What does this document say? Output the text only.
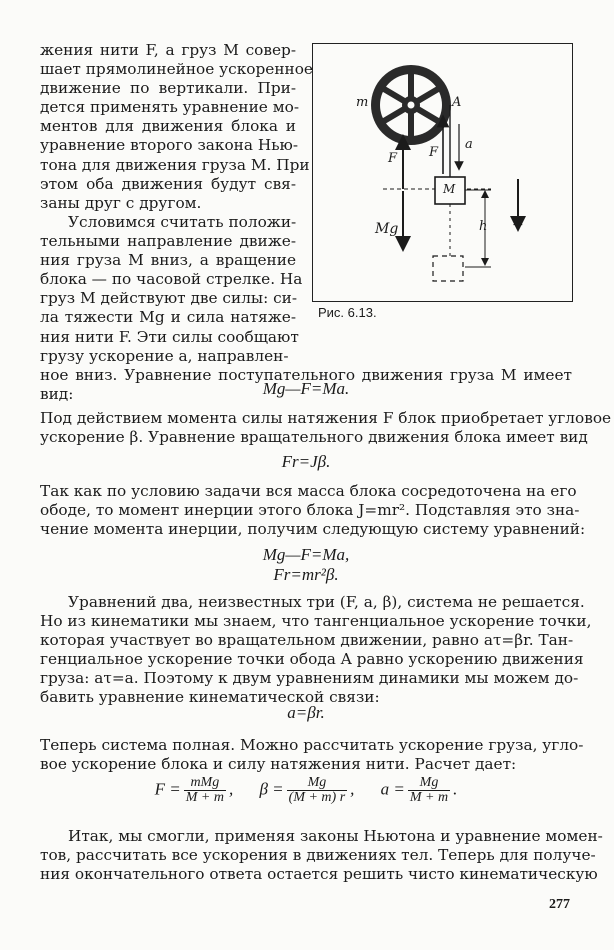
жения нити F, а груз M совер-
шает прямолинейное ускоренное
движение по вертикали. При-
дется применять уравнение мо-
ментов для движения блока и
уравнение второго закона Нью-
тона для движения груза M. При
этом оба движения будут свя-
заны друг с другом.
Условимся считать положи-
тельными направление движе-
ния груза M вниз, а вращение
блока — по часовой стрелке. На
груз M действуют две силы: си-
ла тяжести Mg и сила натяже-
ния нити F. Эти силы сообщают
грузу ускорение a, направлен-
ное вниз. Уравнение поступательного движения груза M имеет
вид:	Mg—F=Ma.
Под действием момента силы натяжения F блок приобретает угловое
ускорение β. Уравнение вращательного движения блока имеет вид
Fr=Jβ.
Так как по условию задачи вся масса блока сосредоточена на его
ободе, то момент инерции этого блока J=mr². Подставляя это зна-
чение момента инерции, получим следующую систему уравнений:
Mg—F=Ma,
Fr=mr²β.
Уравнений два, неизвестных три (F, a, β), система не решается.
Но из кинематики мы знаем, что тангенциальное ускорение точки,
которая участвует во вращательном движении, равно aτ=βr. Тан-
генциальное ускорение точки обода A равно ускорению движения
груза: aτ=a. Поэтому к двум уравнениям динамики мы можем до-
бавить уравнение кинематической связи:
a=βr.
Теперь система полная. Можно рассчитать ускорение груза, угло-
вое ускорение блока и силу натяжения нити. Расчет дает:
$F = \frac{\text{mMg}}{M + m}$ , $\beta = \frac{Mg}{(M + m) r}$ , $a = \frac{Mg}{M + m}$ .
Итак, мы смогли, применяя законы Ньютона и уравнение момен-
тов, рассчитать все ускорения в движениях тел. Теперь для получе-
ния окончательного ответа остается решить чисто кинематическую
m	A
F F
a
M
Mg	h +
Рис. 6.13.
277
